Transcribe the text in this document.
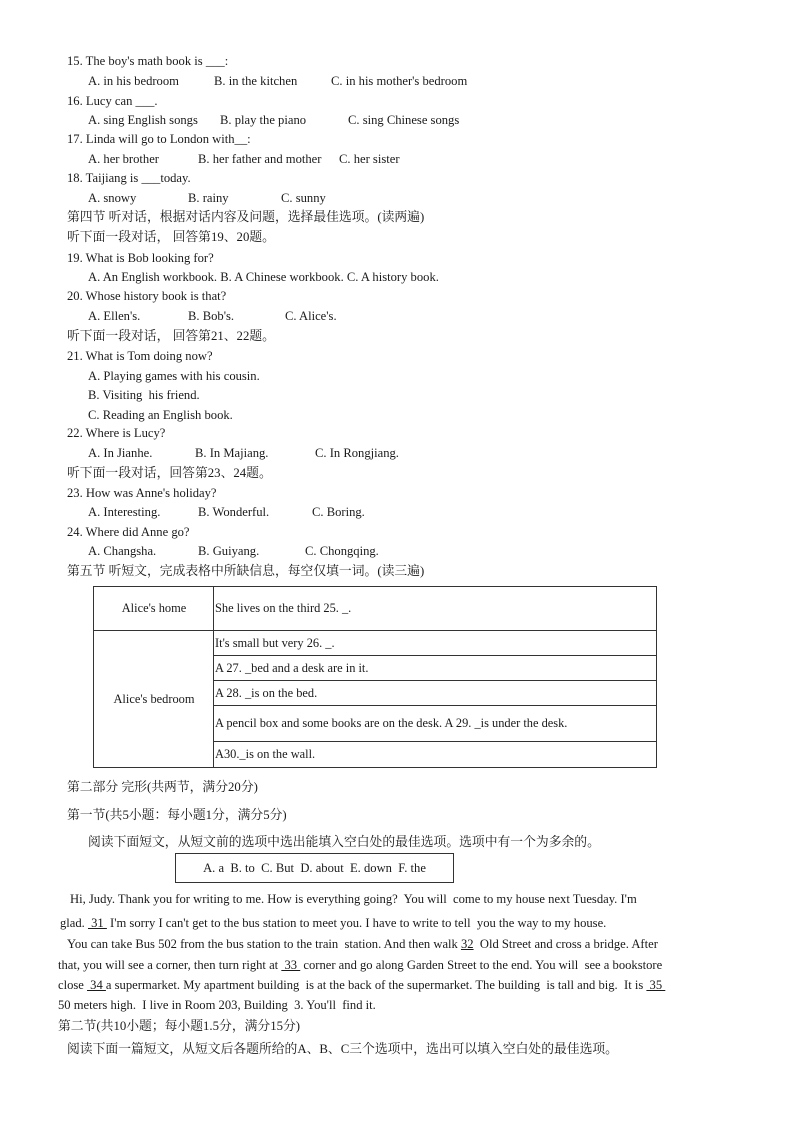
15. The boy's math book is ___:
A. in his bedroom	B. in the kitchen	C. in his mother's bedroom
16. Lucy can ___.
A. sing English songs B. play the piano	C. sing Chinese songs
17. Linda will go to London with__:
A. her brother	B. her father and mother C. her sister
18. Taijiang is ___today.
A. snowy	B. rainy	C. sunny
第四节 听对话，根据对话内容及问题，选择最佳选项。(读两遍)
听下面一段对话， 回答第19、20题。
19. What is Bob looking for?
A. An English workbook. B. A Chinese workbook. C. A history book.
20. Whose history book is that?
A. Ellen's.	B. Bob's.	C. Alice's.
听下面一段对话， 回答第21、22题。
21. What is Tom doing now?
A. Playing games with his cousin.
B. Visiting  his friend.
C. Reading an English book.
22. Where is Lucy?
A. In Jianhe.	B. In Majiang.	C. In Rongjiang.
听下面一段对话，回答第23、24题。
23. How was Anne's holiday?
A. Interesting.	B. Wonderful.	C. Boring.
24. Where did Anne go?
A. Changsha.	B. Guiyang.	C. Chongqing.
第五节 听短文，完成表格中所缺信息，每空仅填一词。(读三遍)
Alice's home	She lives on the third 25. _.
Alice's bedroom	It's small but very 26. _.
	A 27. _bed and a desk are in it.
	A 28. _is on the bed.
	A pencil box and some books are on the desk. A 29. _is under the desk.
	A30._is on the wall.
第二部分 完形(共两节，满分20分)
第一节(共5小题：每小题1分，满分5分)
阅读下面短文，从短文前的选项中选出能填入空白处的最佳选项。选项中有一个为多余的。
A. a  B. to  C. But  D. about  E. down  F. the
Hi, Judy. Thank you for writing to me. How is everything going?  You will  come to my house next Tuesday. I'm
glad.  31  I'm sorry I can't get to the bus station to meet you. I have to write to tell  you the way to my house.
You can take Bus 502 from the bus station to the train  station. And then walk 32  Old Street and cross a bridge. After
that, you will see a corner, then turn right at  33  corner and go along Garden Street to the end. You will  see a bookstore
close  34 a supermarket. My apartment building  is at the back of the supermarket. The building  is tall and big.  It is  35
50 meters high.  I live in Room 203, Building  3. You'll  find it.
第二节(共10小题；每小题1.5分，满分15分)
阅读下面一篇短文，从短文后各题所给的A、B、C三个选项中，选出可以填入空白处的最佳选项。
